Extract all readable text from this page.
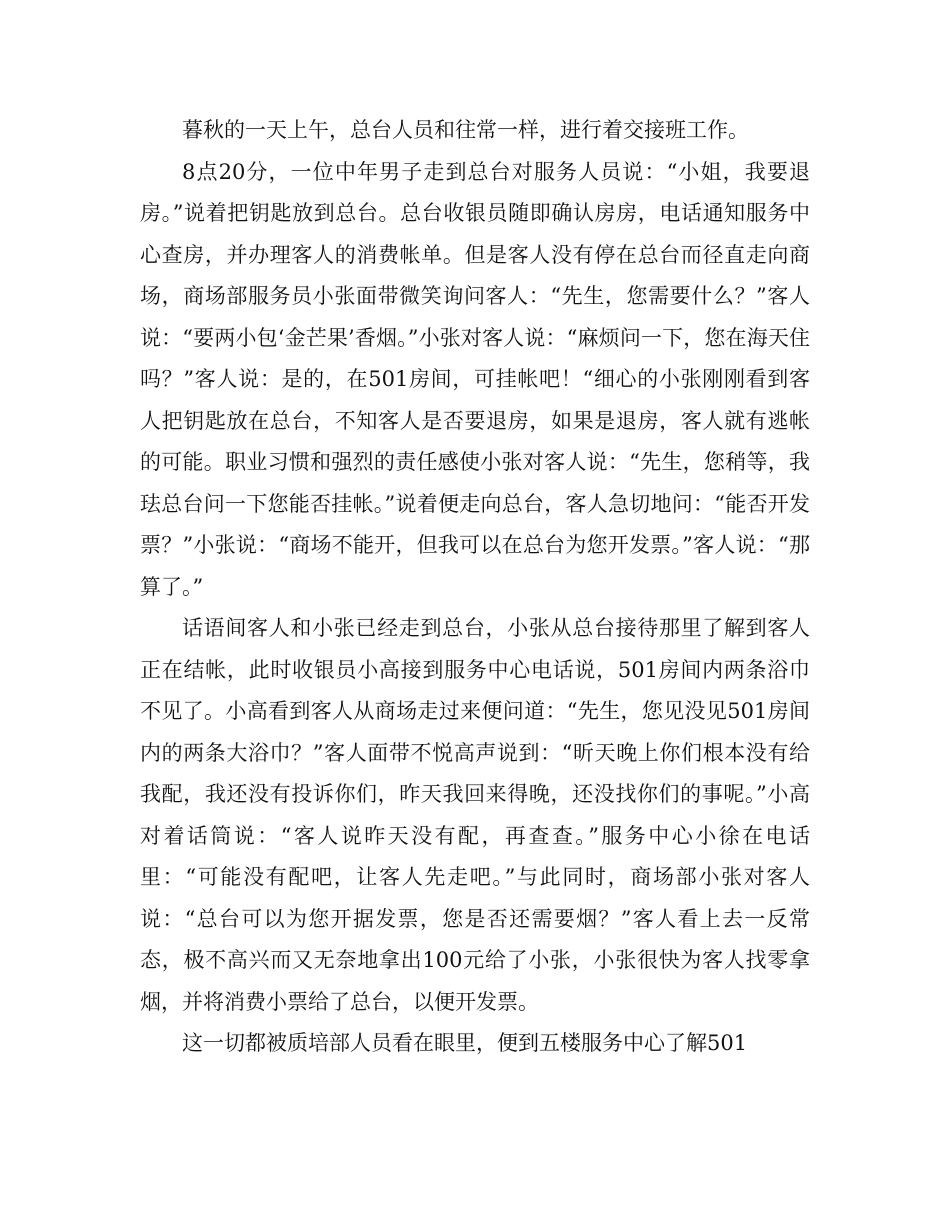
暮秋的一天上午，总台人员和往常一样，进行着交接班工作。

8点20分，一位中年男子走到总台对服务人员说：“小姐，我要退房。”说着把钥匙放到总台。总台收银员随即确认房房，电话通知服务中心查房，并办理客人的消费帐单。但是客人没有停在总台而径直走向商场，商场部服务员小张面带微笑询问客人：“先生，您需要什么？”客人说：“要两小包‘金芒果’香烟。”小张对客人说：“麻烦问一下，您在海天住吗？”客人说：是的，在501房间，可挂帐吧！“细心的小张刚刚看到客人把钥匙放在总台，不知客人是否要退房，如果是退房，客人就有逃帐的可能。职业习惯和强烈的责任感使小张对客人说：“先生，您稍等，我珐总台问一下您能否挂帐。”说着便走向总台，客人急切地问：“能否开发票？”小张说：“商场不能开，但我可以在总台为您开发票。”客人说：“那算了。”

话语间客人和小张已经走到总台，小张从总台接待那里了解到客人正在结帐，此时收银员小高接到服务中心电话说，501房间内两条浴巾不见了。小高看到客人从商场走过来便问道：“先生，您见没见501房间内的两条大浴巾？”客人面带不悦高声说到：“昕天晚上你们根本没有给我配，我还没有投诉你们，昨天我回来得晚，还没找你们的事呢。”小高对着话筒说：“客人说昨天没有配，再查查。”服务中心小徐在电话里：“可能没有配吧，让客人先走吧。”与此同时，商场部小张对客人说：“总台可以为您开据发票，您是否还需要烟？”客人看上去一反常态，极不高兴而又无奈地拿出100元给了小张，小张很快为客人找零拿烟，并将消费小票给了总台，以便开发票。

这一切都被质培部人员看在眼里，便到五楼服务中心了解501
